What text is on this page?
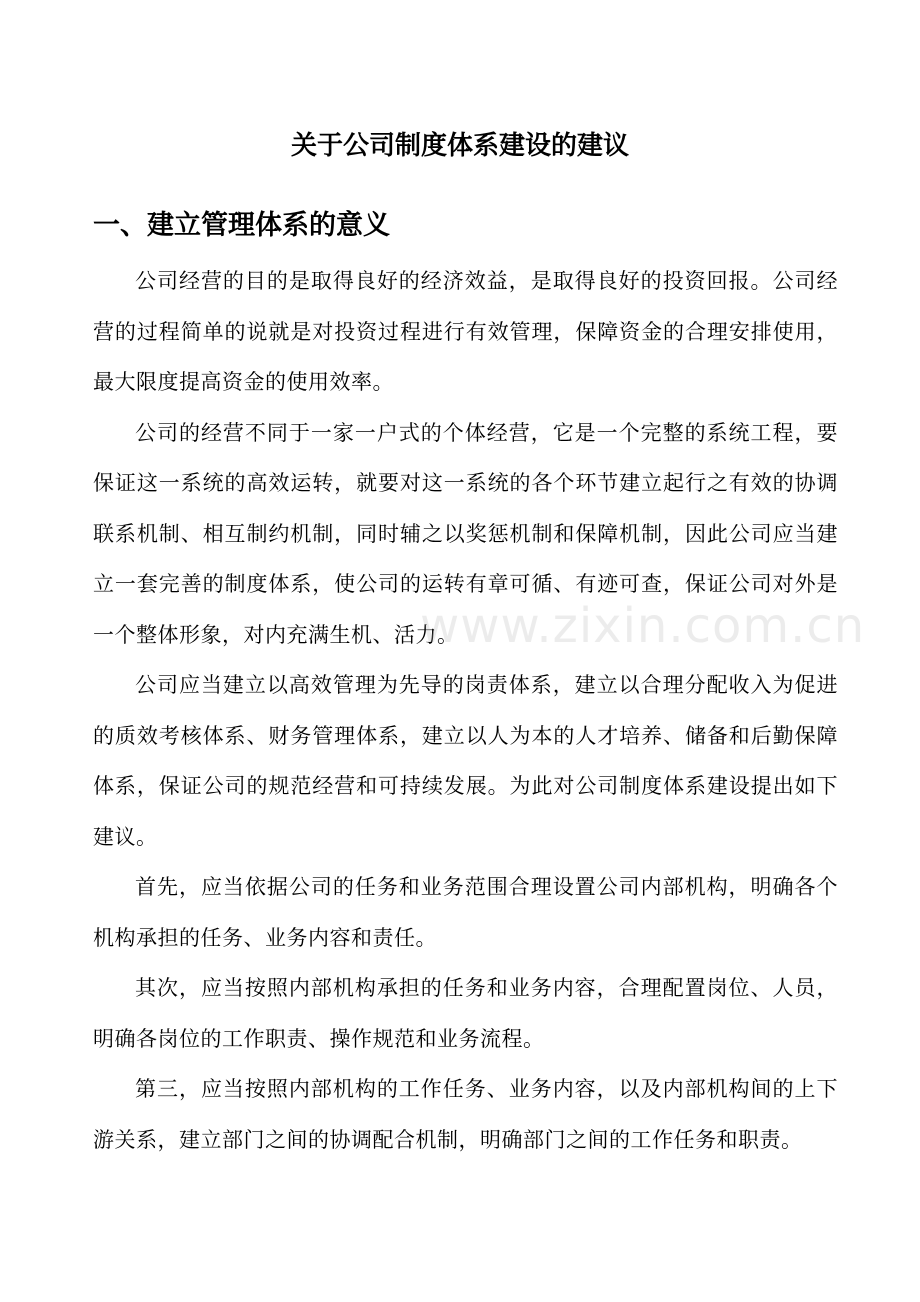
关于公司制度体系建设的建议
一、建立管理体系的意义

公司经营的目的是取得良好的经济效益，是取得良好的投资回报。公司经营的过程简单的说就是对投资过程进行有效管理，保障资金的合理安排使用，最大限度提高资金的使用效率。

公司的经营不同于一家一户式的个体经营，它是一个完整的系统工程，要保证这一系统的高效运转，就要对这一系统的各个环节建立起行之有效的协调联系机制、相互制约机制，同时辅之以奖惩机制和保障机制，因此公司应当建立一套完善的制度体系，使公司的运转有章可循、有迹可查，保证公司对外是一个整体形象，对内充满生机、活力。

公司应当建立以高效管理为先导的岗责体系，建立以合理分配收入为促进的质效考核体系、财务管理体系，建立以人为本的人才培养、储备和后勤保障体系，保证公司的规范经营和可持续发展。为此对公司制度体系建设提出如下建议。

首先，应当依据公司的任务和业务范围合理设置公司内部机构，明确各个机构承担的任务、业务内容和责任。

其次，应当按照内部机构承担的任务和业务内容，合理配置岗位、人员，明确各岗位的工作职责、操作规范和业务流程。

第三，应当按照内部机构的工作任务、业务内容，以及内部机构间的上下游关系，建立部门之间的协调配合机制，明确部门之间的工作任务和职责。

www.zixin.com.cn
